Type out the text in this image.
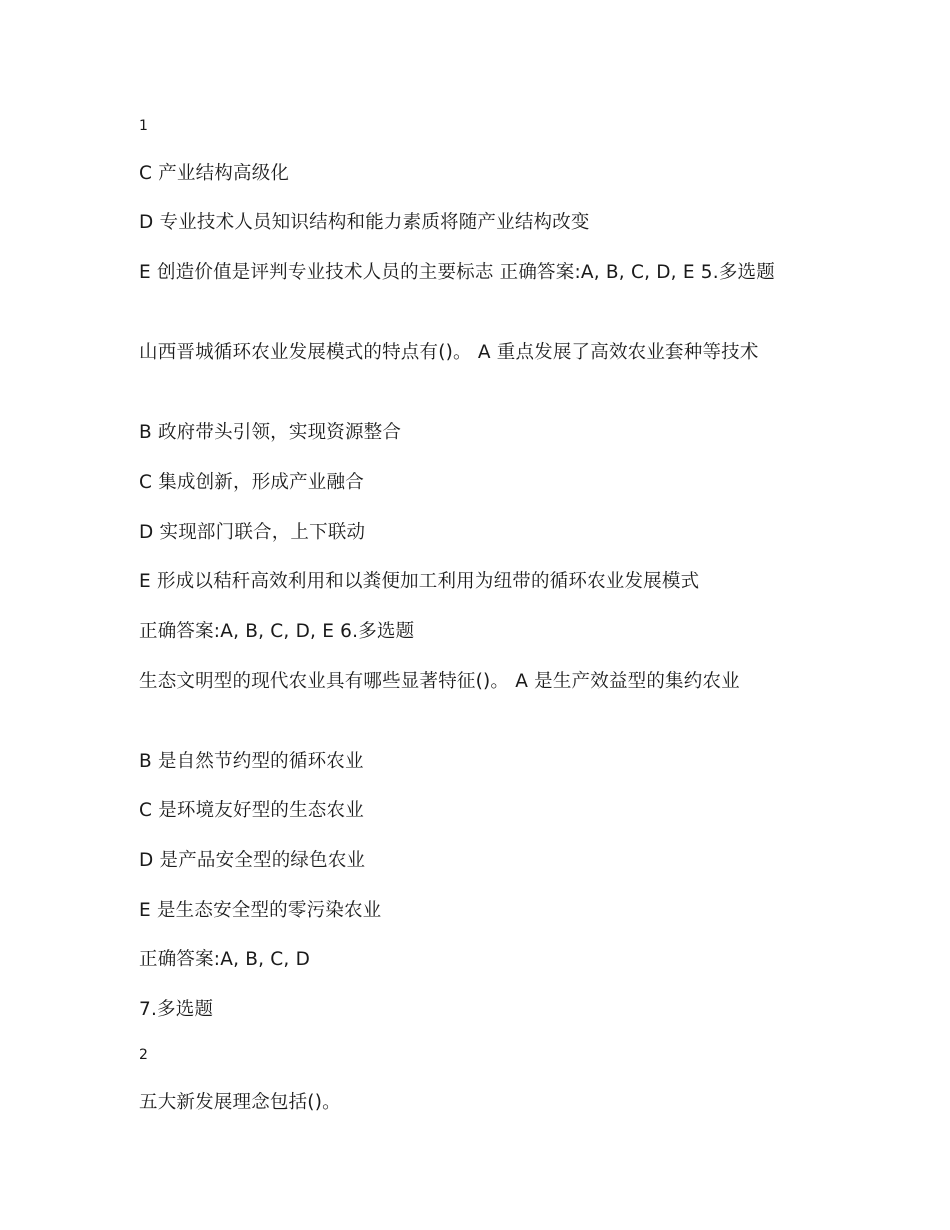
1
C 产业结构高级化
D 专业技术人员知识结构和能力素质将随产业结构改变
E 创造价值是评判专业技术人员的主要标志 正确答案:A, B, C, D, E 5.多选题
山西晋城循环农业发展模式的特点有()。 A 重点发展了高效农业套种等技术
B 政府带头引领，实现资源整合
C 集成创新，形成产业融合
D 实现部门联合，上下联动
E 形成以秸秆高效利用和以粪便加工利用为纽带的循环农业发展模式
正确答案:A, B, C, D, E 6.多选题
生态文明型的现代农业具有哪些显著特征()。 A 是生产效益型的集约农业
B 是自然节约型的循环农业
C 是环境友好型的生态农业
D 是产品安全型的绿色农业
E 是生态安全型的零污染农业
正确答案:A, B, C, D
7.多选题
2
五大新发展理念包括()。
